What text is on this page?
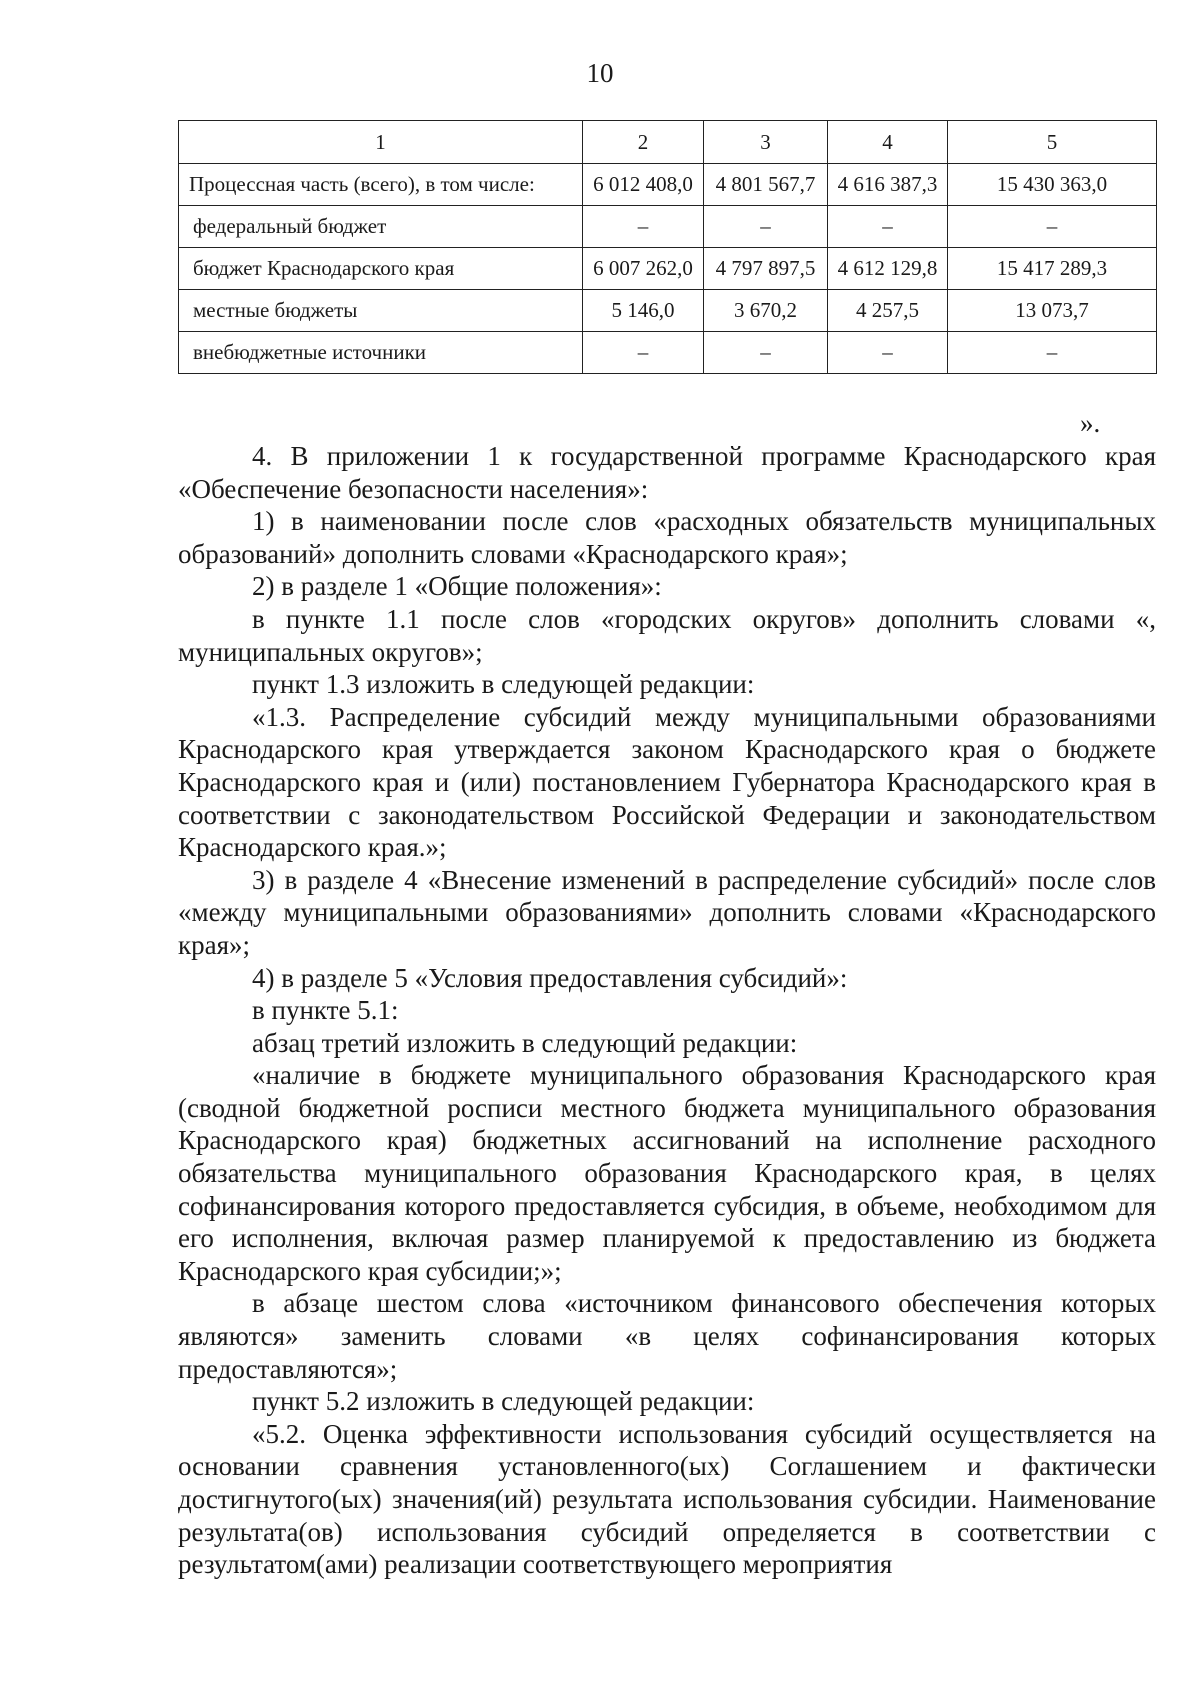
10
1	2	3	4	5
Процессная часть (всего), в том числе:	6 012 408,0	4 801 567,7	4 616 387,3	15 430 363,0
федеральный бюджет	–	–	–	–
бюджет Краснодарского края	6 007 262,0	4 797 897,5	4 612 129,8	15 417 289,3
местные бюджеты	5 146,0	3 670,2	4 257,5	13 073,7
внебюджетные источники	–	–	–	–
».

4. В приложении 1 к государственной программе Краснодарского края «Обеспечение безопасности населения»:

1) в наименовании после слов «расходных обязательств муниципальных образований» дополнить словами «Краснодарского края»;

2) в разделе 1 «Общие положения»:

в пункте 1.1 после слов «городских округов» дополнить словами «, муниципальных округов»;

пункт 1.3 изложить в следующей редакции:

«1.3. Распределение субсидий между муниципальными образованиями Краснодарского края утверждается законом Краснодарского края о бюджете Краснодарского края и (или) постановлением Губернатора Краснодарского края в соответствии с законодательством Российской Федерации и законодательством Краснодарского края.»;

3) в разделе 4 «Внесение изменений в распределение субсидий» после слов «между муниципальными образованиями» дополнить словами «Краснодарского края»;

4) в разделе 5 «Условия предоставления субсидий»:

в пункте 5.1:

абзац третий изложить в следующий редакции:

«наличие в бюджете муниципального образования Краснодарского края (сводной бюджетной росписи местного бюджета муниципального образования Краснодарского края) бюджетных ассигнований на исполнение расходного обязательства муниципального образования Краснодарского края, в целях софинансирования которого предоставляется субсидия, в объеме, необходимом для его исполнения, включая размер планируемой к предоставлению из бюджета Краснодарского края субсидии;»;

в абзаце шестом слова «источником финансового обеспечения которых являются» заменить словами «в целях софинансирования которых предоставляются»;

пункт 5.2 изложить в следующей редакции:

«5.2. Оценка эффективности использования субсидий осуществляется на основании сравнения установленного(ых) Соглашением и фактически достигнутого(ых) значения(ий) результата использования субсидии. Наименование результата(ов) использования субсидий определяется в соответствии с результатом(ами) реализации соответствующего мероприятия
